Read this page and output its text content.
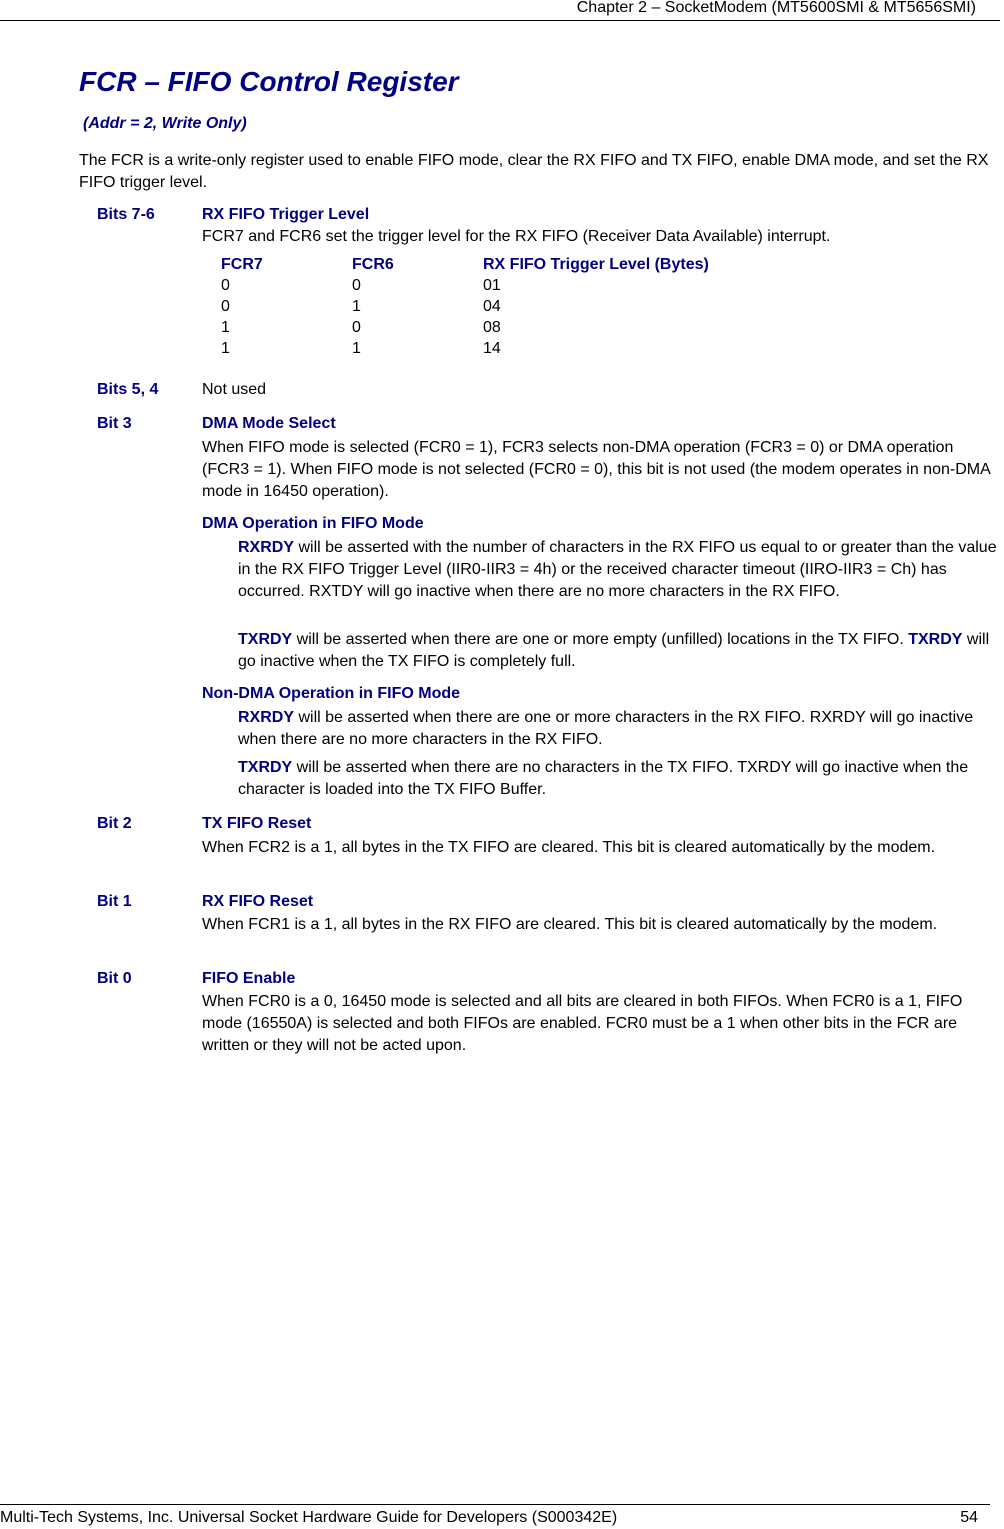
Chapter 2 – SocketModem (MT5600SMI & MT5656SMI)
FCR – FIFO Control Register
(Addr = 2, Write Only)

The FCR is a write-only register used to enable FIFO mode, clear the RX FIFO and TX FIFO, enable DMA mode, and set the RX FIFO trigger level.

Bits 7-6	RX FIFO Trigger Level

FCR7 and FCR6 set the trigger level for the RX FIFO (Receiver Data Available) interrupt.

FCR7	FCR6	RX FIFO Trigger Level (Bytes)
0	0	01
0	1	04
1	0	08
1	1	14
Bits 5, 4	Not used
Bit 3	DMA Mode Select

When FIFO mode is selected (FCR0 = 1), FCR3 selects non-DMA operation (FCR3 = 0) or DMA operation (FCR3 = 1). When FIFO mode is not selected (FCR0 = 0), this bit is not used (the modem operates in non-DMA mode in 16450 operation).

DMA Operation in FIFO Mode

RXRDY will be asserted with the number of characters in the RX FIFO us equal to or greater than the value in the RX FIFO Trigger Level (IIR0-IIR3 = 4h) or the received character timeout (IIRO-IIR3 = Ch) has occurred. RXTDY will go inactive when there are no more characters in the RX FIFO.

TXRDY will be asserted when there are one or more empty (unfilled) locations in the TX FIFO. TXRDY will go inactive when the TX FIFO is completely full.

Non-DMA Operation in FIFO Mode

RXRDY will be asserted when there are one or more characters in the RX FIFO. RXRDY will go inactive when there are no more characters in the RX FIFO.

TXRDY will be asserted when there are no characters in the TX FIFO. TXRDY will go inactive when the character is loaded into the TX FIFO Buffer.

Bit 2	TX FIFO Reset

When FCR2 is a 1, all bytes in the TX FIFO are cleared. This bit is cleared automatically by the modem.

Bit 1	RX FIFO Reset

When FCR1 is a 1, all bytes in the RX FIFO are cleared. This bit is cleared automatically by the modem.

Bit 0	FIFO Enable

When FCR0 is a 0, 16450 mode is selected and all bits are cleared in both FIFOs. When FCR0 is a 1, FIFO mode (16550A) is selected and both FIFOs are enabled. FCR0 must be a 1 when other bits in the FCR are written or they will not be acted upon.

Multi-Tech Systems, Inc. Universal Socket Hardware Guide for Developers (S000342E)	54
